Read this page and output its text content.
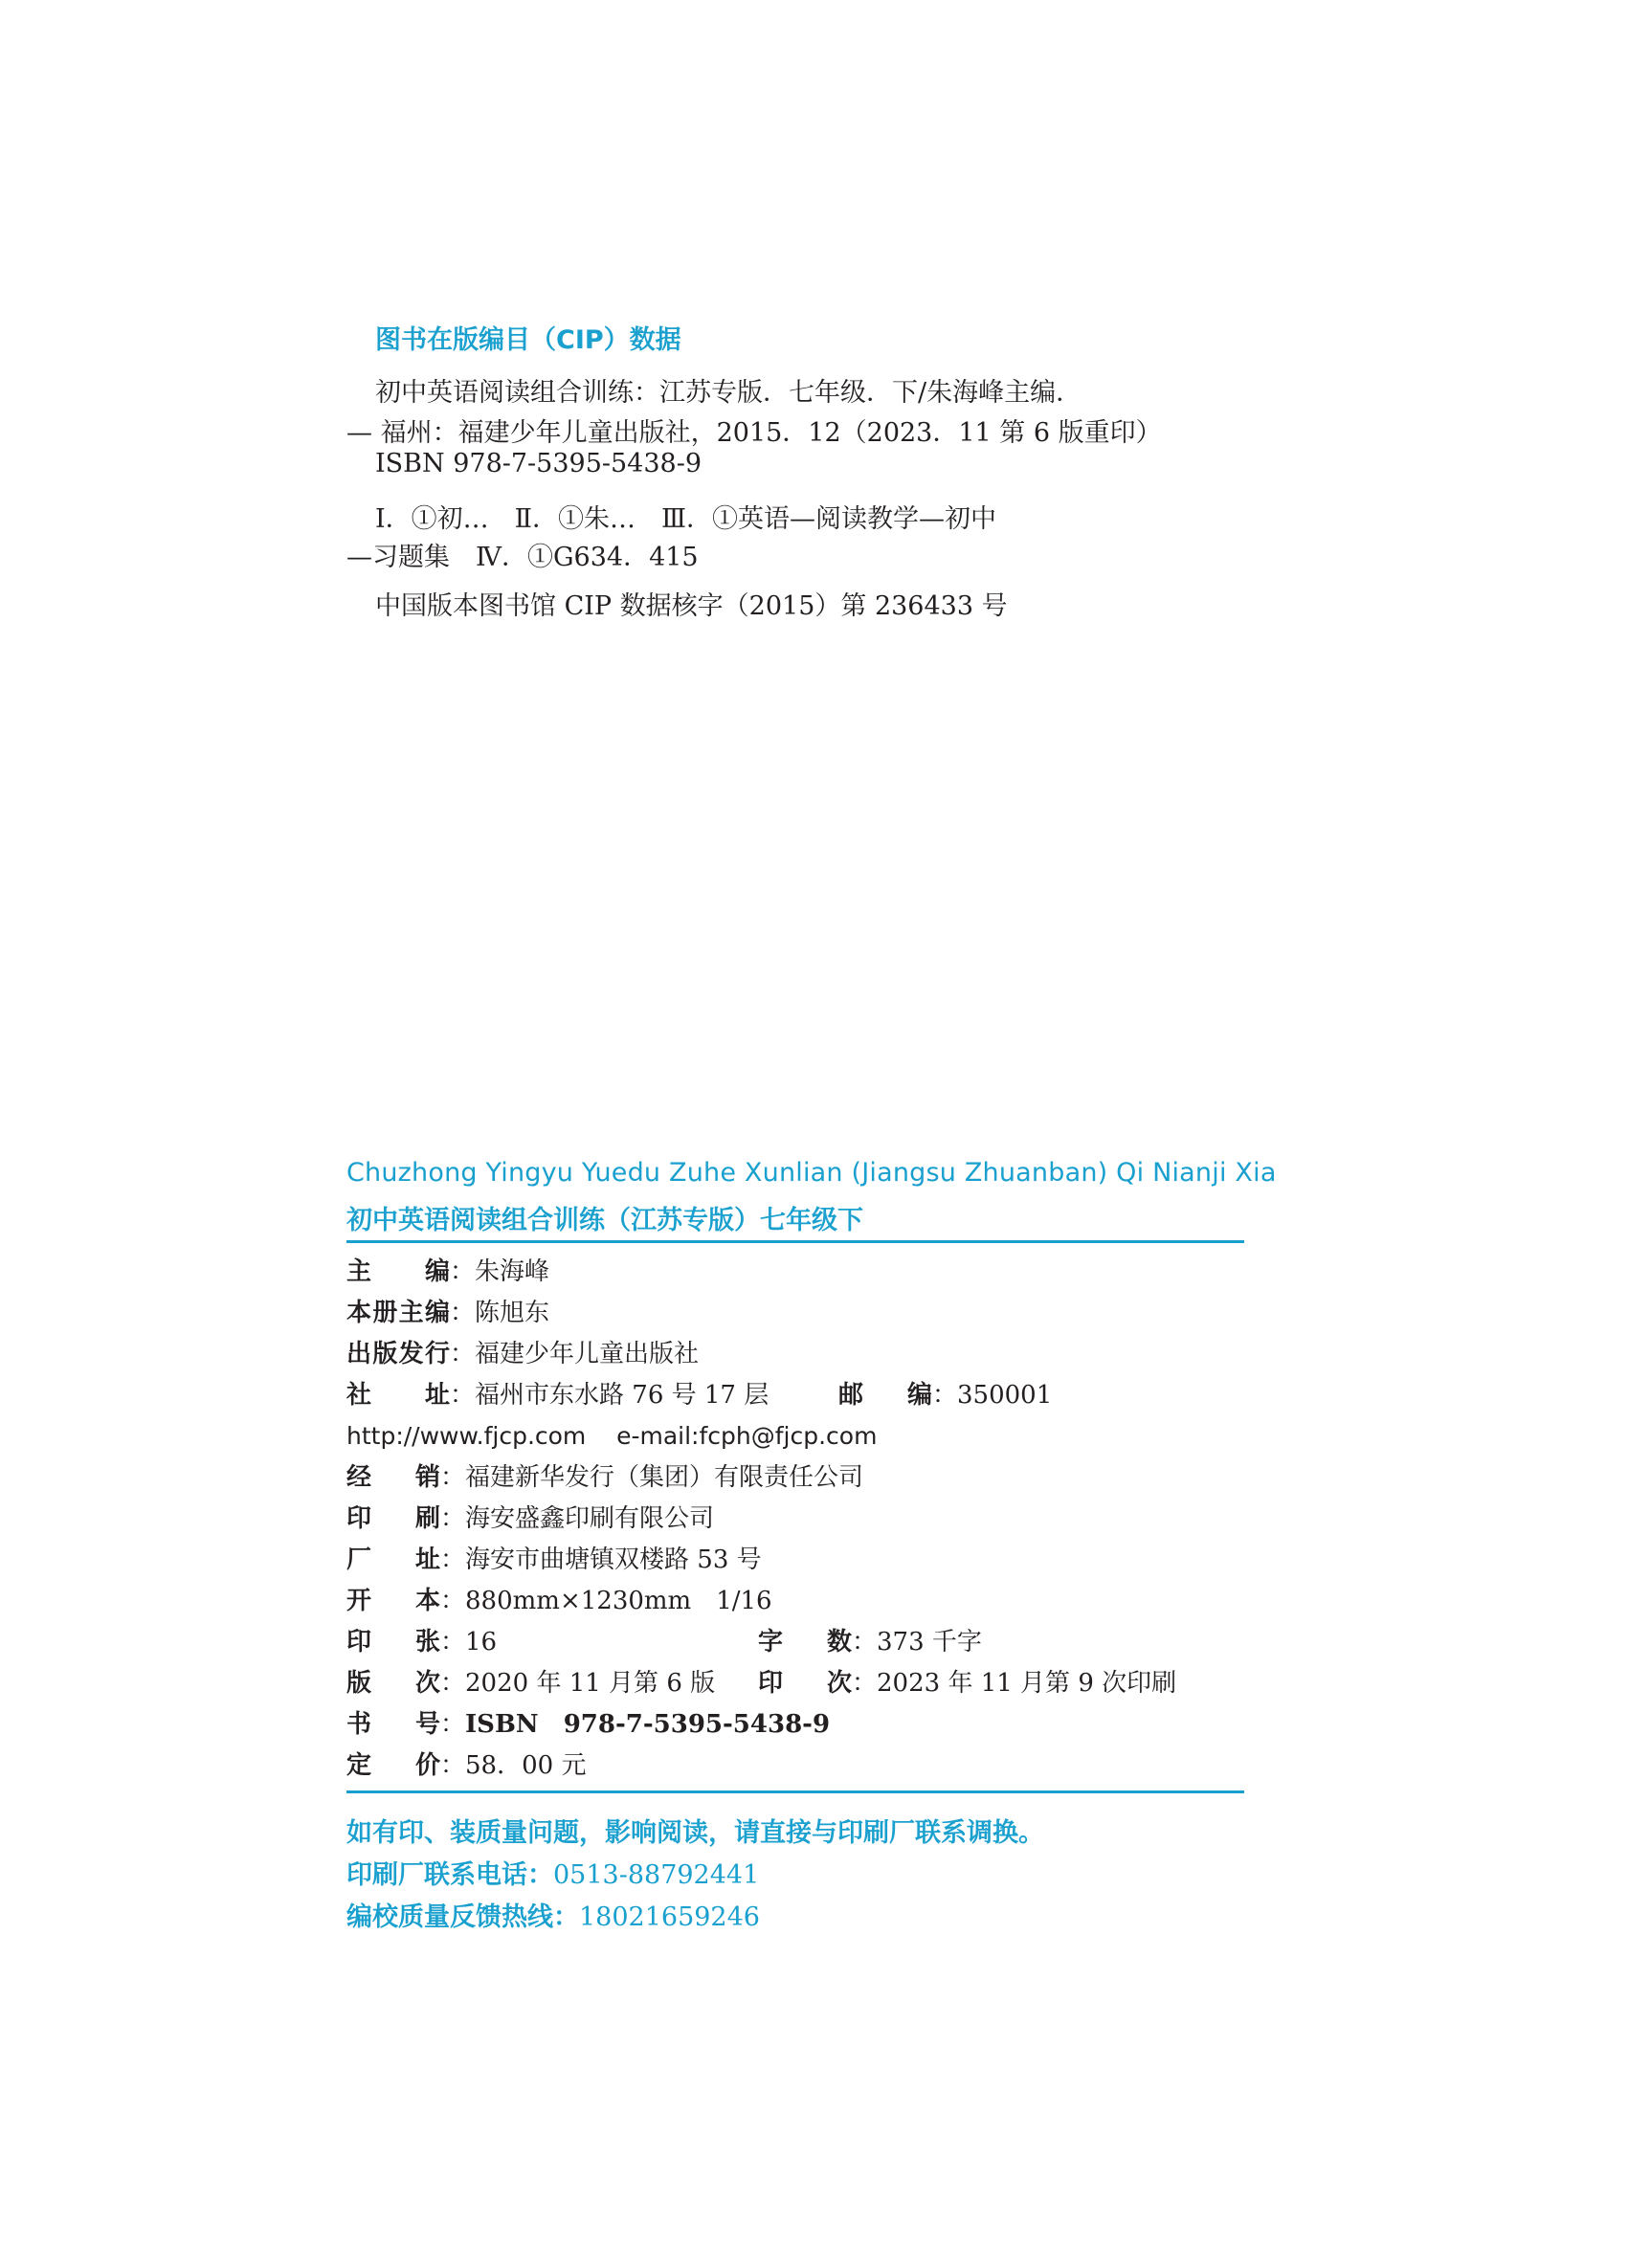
图书在版编目（CIP）数据
初中英语阅读组合训练：江苏专版．七年级．下/朱海峰主编．
— 福州：福建少年儿童出版社，2015．12（2023．11 第 6 版重印）
ISBN 978-7-5395-5438-9
Ⅰ．①初…　Ⅱ．①朱…　Ⅲ．①英语—阅读教学—初中
—习题集　Ⅳ．①G634．415
中国版本图书馆 CIP 数据核字（2015）第 236433 号
Chuzhong Yingyu Yuedu Zuhe Xunlian (Jiangsu Zhuanban) Qi Nianji Xia
初中英语阅读组合训练（江苏专版）七年级下
主　编：朱海峰
本册主编：陈旭东
出版发行：福建少年儿童出版社
社　址：福州市东水路 76 号 17 层	邮　编：350001
http://www.fjcp.com e-mail:fcph@fjcp.com
经　销：福建新华发行（集团）有限责任公司
印　刷：海安盛鑫印刷有限公司
厂　址：海安市曲塘镇双楼路 53 号
开　本：880mm×1230mm　1/16
印　张：16	字　数：373 千字
版　次：2020 年 11 月第 6 版 印　次：2023 年 11 月第 9 次印刷
书　号：ISBN　978-7-5395-5438-9
定　价：58．00 元
如有印、装质量问题，影响阅读，请直接与印刷厂联系调换。
印刷厂联系电话：0513-88792441
编校质量反馈热线：18021659246
